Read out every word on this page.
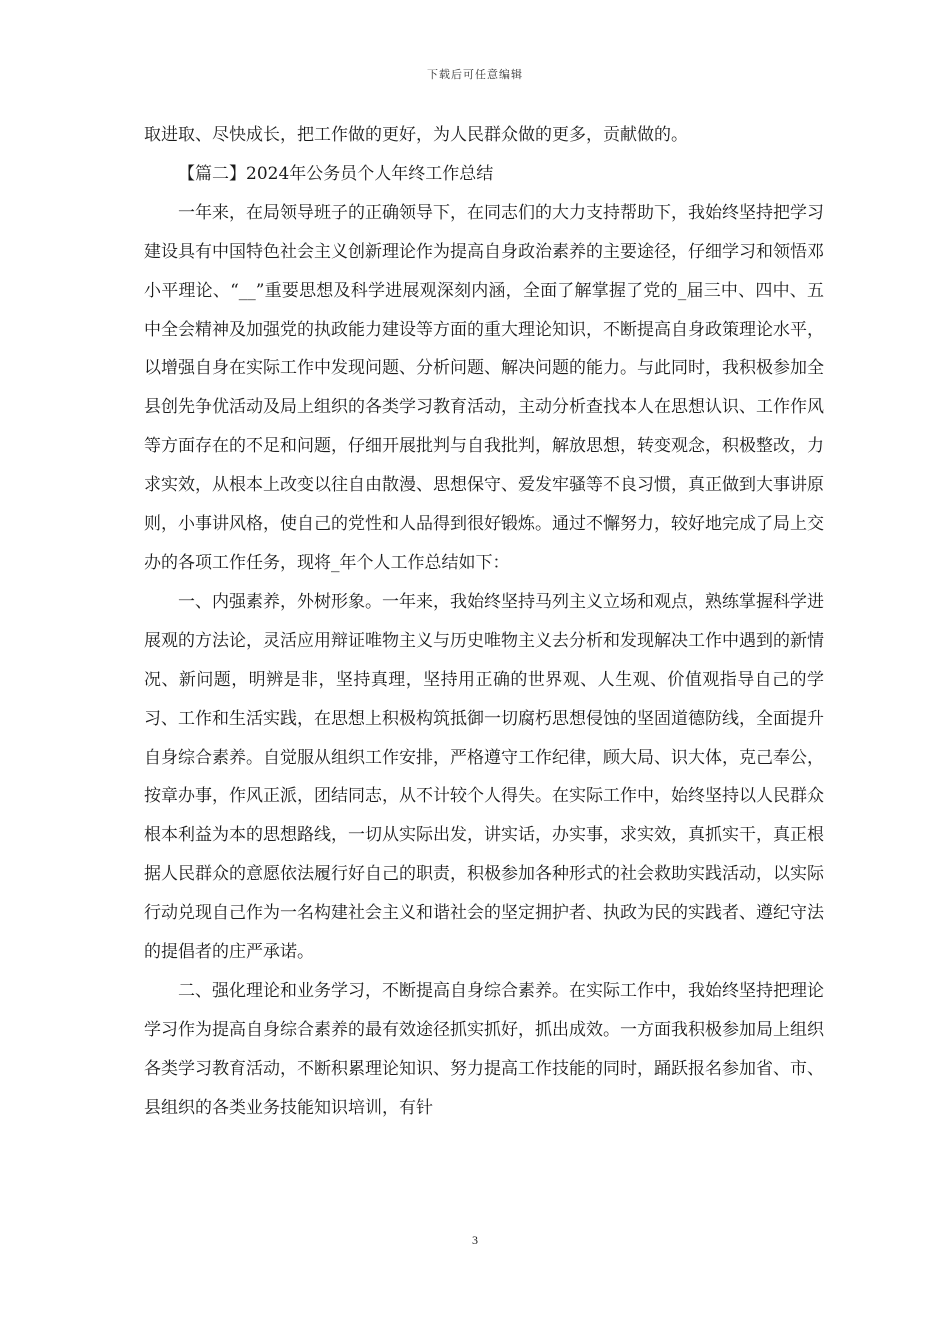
下载后可任意编辑

取进取、尽快成长，把工作做的更好，为人民群众做的更多，贡献做的。

【篇二】2024年公务员个人年终工作总结

一年来，在局领导班子的正确领导下，在同志们的大力支持帮助下，我始终坚持把学习建设具有中国特色社会主义创新理论作为提高自身政治素养的主要途径，仔细学习和领悟邓小平理论、“__”重要思想及科学进展观深刻内涵，全面了解掌握了党的_届三中、四中、五中全会精神及加强党的执政能力建设等方面的重大理论知识，不断提高自身政策理论水平，以增强自身在实际工作中发现问题、分析问题、解决问题的能力。与此同时，我积极参加全县创先争优活动及局上组织的各类学习教育活动，主动分析查找本人在思想认识、工作作风等方面存在的不足和问题，仔细开展批判与自我批判，解放思想，转变观念，积极整改，力求实效，从根本上改变以往自由散漫、思想保守、爱发牢骚等不良习惯，真正做到大事讲原则，小事讲风格，使自己的党性和人品得到很好锻炼。通过不懈努力，较好地完成了局上交办的各项工作任务，现将_年个人工作总结如下：

一、内强素养，外树形象。一年来，我始终坚持马列主义立场和观点，熟练掌握科学进展观的方法论，灵活应用辩证唯物主义与历史唯物主义去分析和发现解决工作中遇到的新情况、新问题，明辨是非，坚持真理，坚持用正确的世界观、人生观、价值观指导自己的学习、工作和生活实践，在思想上积极构筑抵御一切腐朽思想侵蚀的坚固道德防线，全面提升自身综合素养。自觉服从组织工作安排，严格遵守工作纪律，顾大局、识大体，克己奉公，按章办事，作风正派，团结同志，从不计较个人得失。在实际工作中，始终坚持以人民群众根本利益为本的思想路线，一切从实际出发，讲实话，办实事，求实效，真抓实干，真正根据人民群众的意愿依法履行好自己的职责，积极参加各种形式的社会救助实践活动，以实际行动兑现自己作为一名构建社会主义和谐社会的坚定拥护者、执政为民的实践者、遵纪守法的提倡者的庄严承诺。

二、强化理论和业务学习，不断提高自身综合素养。在实际工作中，我始终坚持把理论学习作为提高自身综合素养的最有效途径抓实抓好，抓出成效。一方面我积极参加局上组织各类学习教育活动，不断积累理论知识、努力提高工作技能的同时，踊跃报名参加省、市、县组织的各类业务技能知识培训，有针

3
